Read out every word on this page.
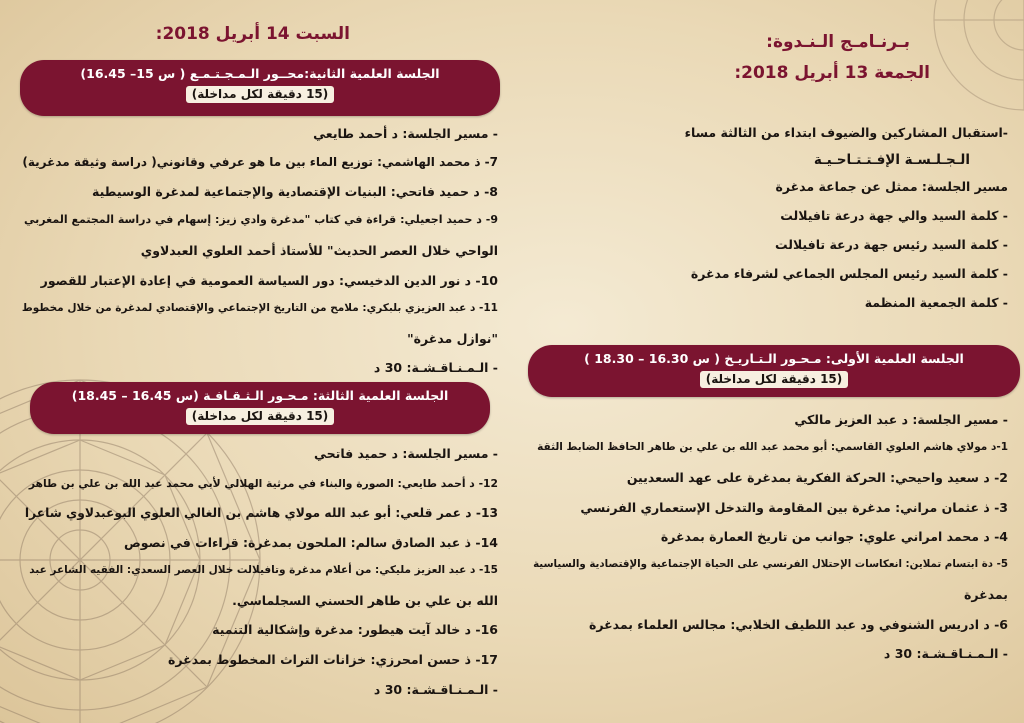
السبت 14 أبريل 2018:
الجلسة العلمية الثانية:محــور الـمـجـتـمـع ( س 15– 16.45)
(15 دقيقة لكل مداخلة)
- مسير الجلسة: د أحمد طايعي
7- ذ محمد الهاشمي: توزيع الماء بين ما هو عرفي وقانوني( دراسة وثيقة مدغرية)
8- د حميد فاتحي: البنيات الإقتصادية والإجتماعية لمدغرة الوسيطية
9- د حميد اجعيلي: قراءة في كتاب "مدغرة وادي زيز: إسهام في دراسة المجتمع المغربي
الواحي خلال العصر الحديث" للأستاذ أحمد العلوي العبدلاوي
10- د نور الدين الدخيسي: دور السياسة العمومية في إعادة الإعتبار للقصور
11- د عبد العزيزي بلبكري: ملامح من التاريخ الإجتماعي والإقتصادي لمدغرة من خلال مخطوط
"نوازل مدغرة"
- الـمـنـاقـشـة: 30 د
الجلسة العلمية الثالثة: مـحـور الـثـقـافـة (س 16.45 – 18.45)
(15 دقيقة لكل مداخلة)
- مسير الجلسة: د حميد فاتحي
12- د أحمد طايعي: الصورة والبناء في مرثية الهلالي لأبي محمد عبد الله بن علي بن طاهر
13- د عمر قلعي: أبو عبد الله مولاي هاشم بن الغالي العلوي البوعبدلاوي شاعرا
14- ذ عبد الصادق سالم: الملحون بمدغرة: قراءات في نصوص
15- د عبد العزيز مليكي: من أعلام مدغرة وتافيلالت خلال العصر السعدي: الفقيه الشاعر عبد
الله بن علي بن طاهر الحسني السجلماسي.
16- د خالد آيت هيطور: مدغرة وإشكالية التنمية
17- ذ حسن امحرزي: خزانات التراث المخطوط بمدغرة
- الـمـنـاقـشـة: 30 د
بـرنـامـج الـنـدوة:
الجمعة 13 أبريل 2018:
-استقبال المشاركين والضيوف ابتداء من الثالثة مساء
الـجـلـسـة الإفـتـتـاحـيـة
مسير الجلسة: ممثل عن جماعة مدغرة
- كلمة السيد والي جهة درعة تافيلالت
- كلمة السيد رئيس جهة درعة تافيلالت
- كلمة السيد رئيس المجلس الجماعي لشرفاء مدغرة
- كلمة الجمعية المنظمة
الجلسة العلمية الأولى: مـحـور الـتـاريـخ ( س 16.30 – 18.30 )
(15 دقيقة لكل مداخلة)
- مسير الجلسة: د عبد العزيز مالكي
1-د مولاي هاشم العلوي القاسمي: أبو محمد عبد الله بن علي بن طاهر الحافظ الضابط الثقة
2- د سعيد واحيحي: الحركة الفكرية بمدغرة على عهد السعديين
3- ذ عثمان مراني: مدغرة بين المقاومة والتدخل الإستعماري الفرنسي
4- د محمد امراني علوي: جوانب من تاريخ العمارة بمدغرة
5- دة ابتسام تملاين: انعكاسات الإحتلال الفرنسي على الحياة الإجتماعية والإقتصادية والسياسية
بمدغرة
6- د ادريس الشنوفي ود عبد اللطيف الخلابي: مجالس العلماء بمدغرة
- الـمـنـاقـشـة: 30 د
